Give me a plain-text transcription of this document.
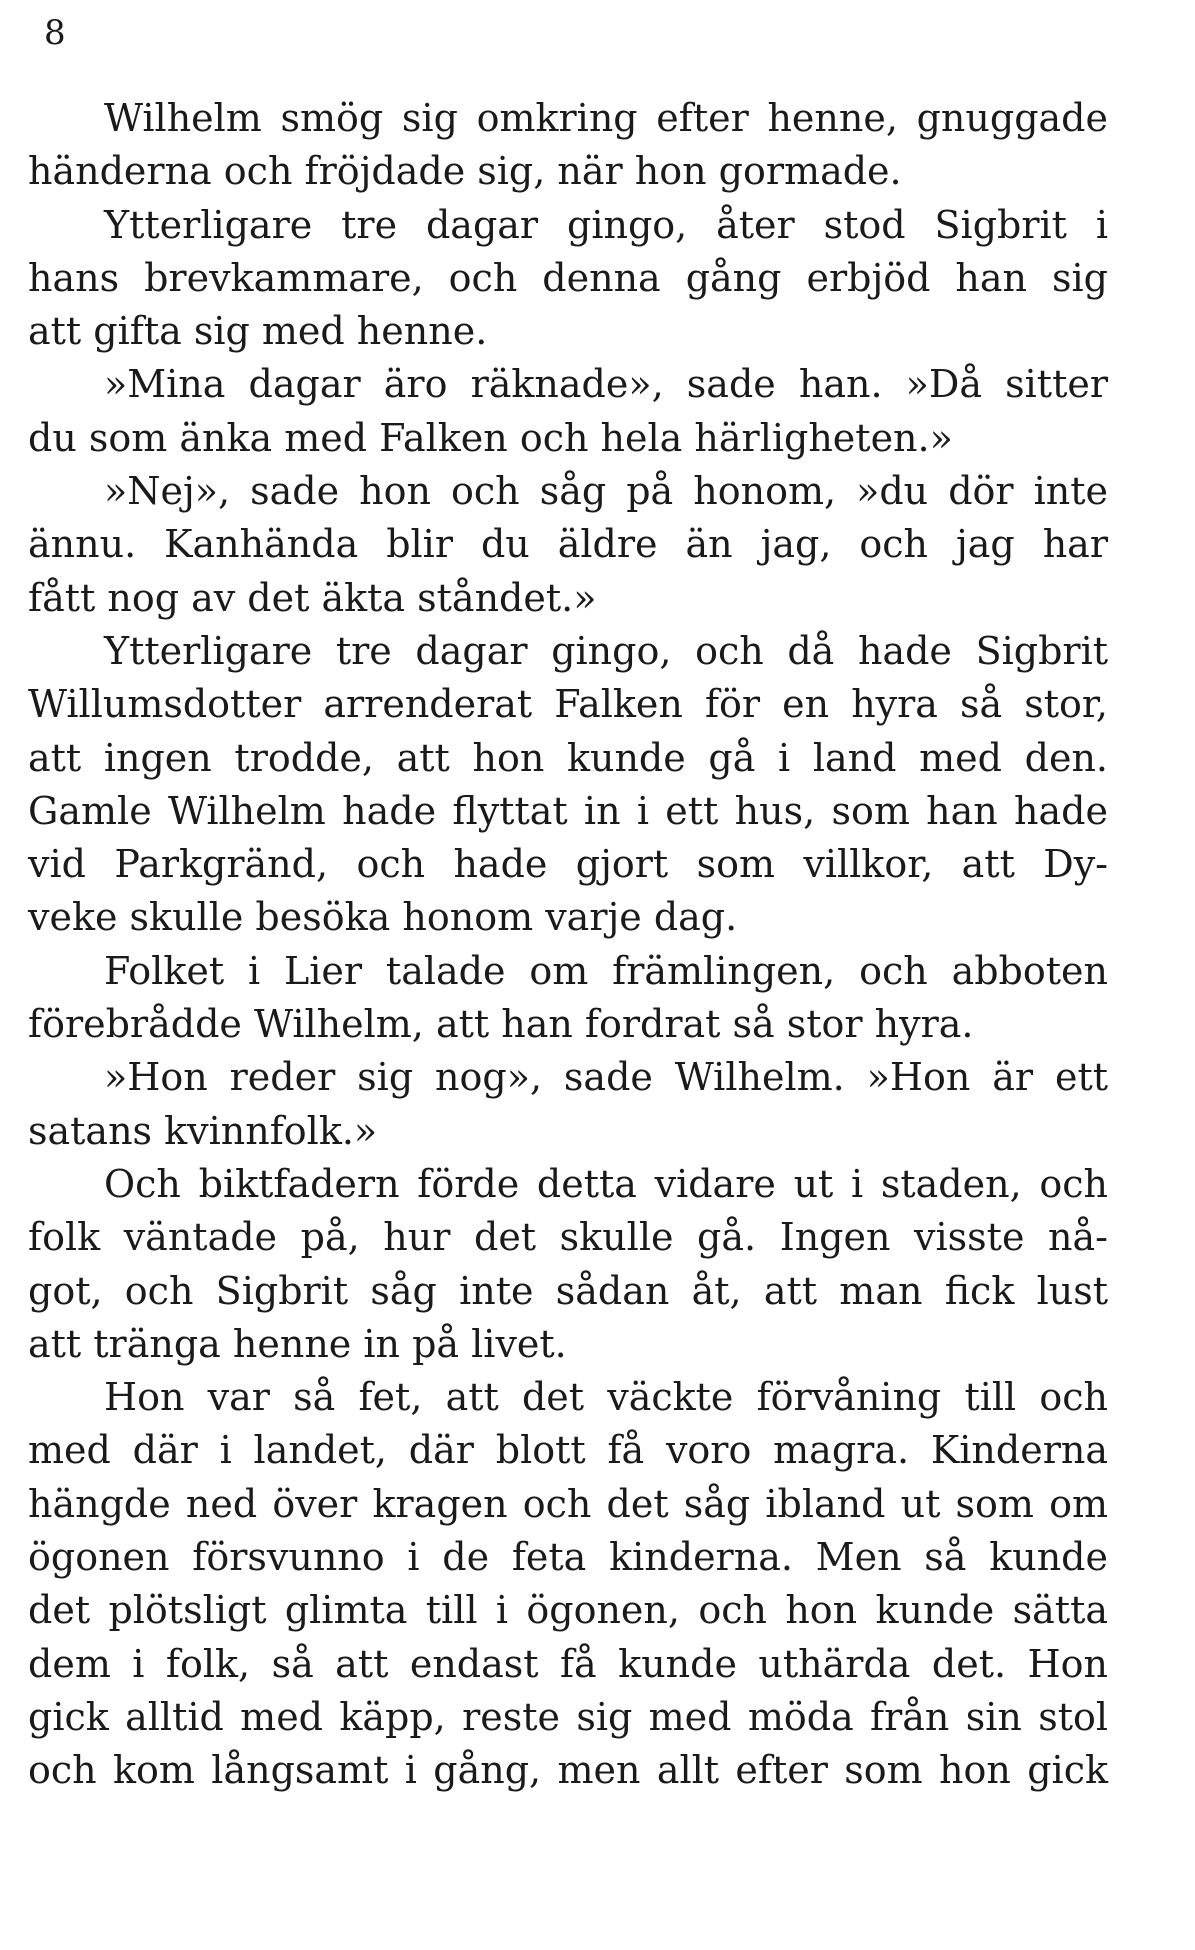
8
Wilhelm smög sig omkring efter henne, gnuggade
händerna och fröjdade sig, när hon gormade.
Ytterligare tre dagar gingo, åter stod Sigbrit i
hans brevkammare, och denna gång erbjöd han sig
att gifta sig med henne.
»Mina dagar äro räknade», sade han. »Då sitter
du som änka med Falken och hela härligheten.»
»Nej», sade hon och såg på honom, »du dör inte
ännu. Kanhända blir du äldre än jag, och jag har
fått nog av det äkta ståndet.»
Ytterligare tre dagar gingo, och då hade Sigbrit
Willumsdotter arrenderat Falken för en hyra så stor,
att ingen trodde, att hon kunde gå i land med den.
Gamle Wilhelm hade flyttat in i ett hus, som han hade
vid Parkgränd, och hade gjort som villkor, att Dy-
veke skulle besöka honom varje dag.
Folket i Lier talade om främlingen, och abboten
förebrådde Wilhelm, att han fordrat så stor hyra.
»Hon reder sig nog», sade Wilhelm. »Hon är ett
satans kvinnfolk.»
Och biktfadern förde detta vidare ut i staden, och
folk väntade på, hur det skulle gå. Ingen visste nå-
got, och Sigbrit såg inte sådan åt, att man fick lust
att tränga henne in på livet.
Hon var så fet, att det väckte förvåning till och
med där i landet, där blott få voro magra. Kinderna
hängde ned över kragen och det såg ibland ut som om
ögonen försvunno i de feta kinderna. Men så kunde
det plötsligt glimta till i ögonen, och hon kunde sätta
dem i folk, så att endast få kunde uthärda det. Hon
gick alltid med käpp, reste sig med möda från sin stol
och kom långsamt i gång, men allt efter som hon gick
